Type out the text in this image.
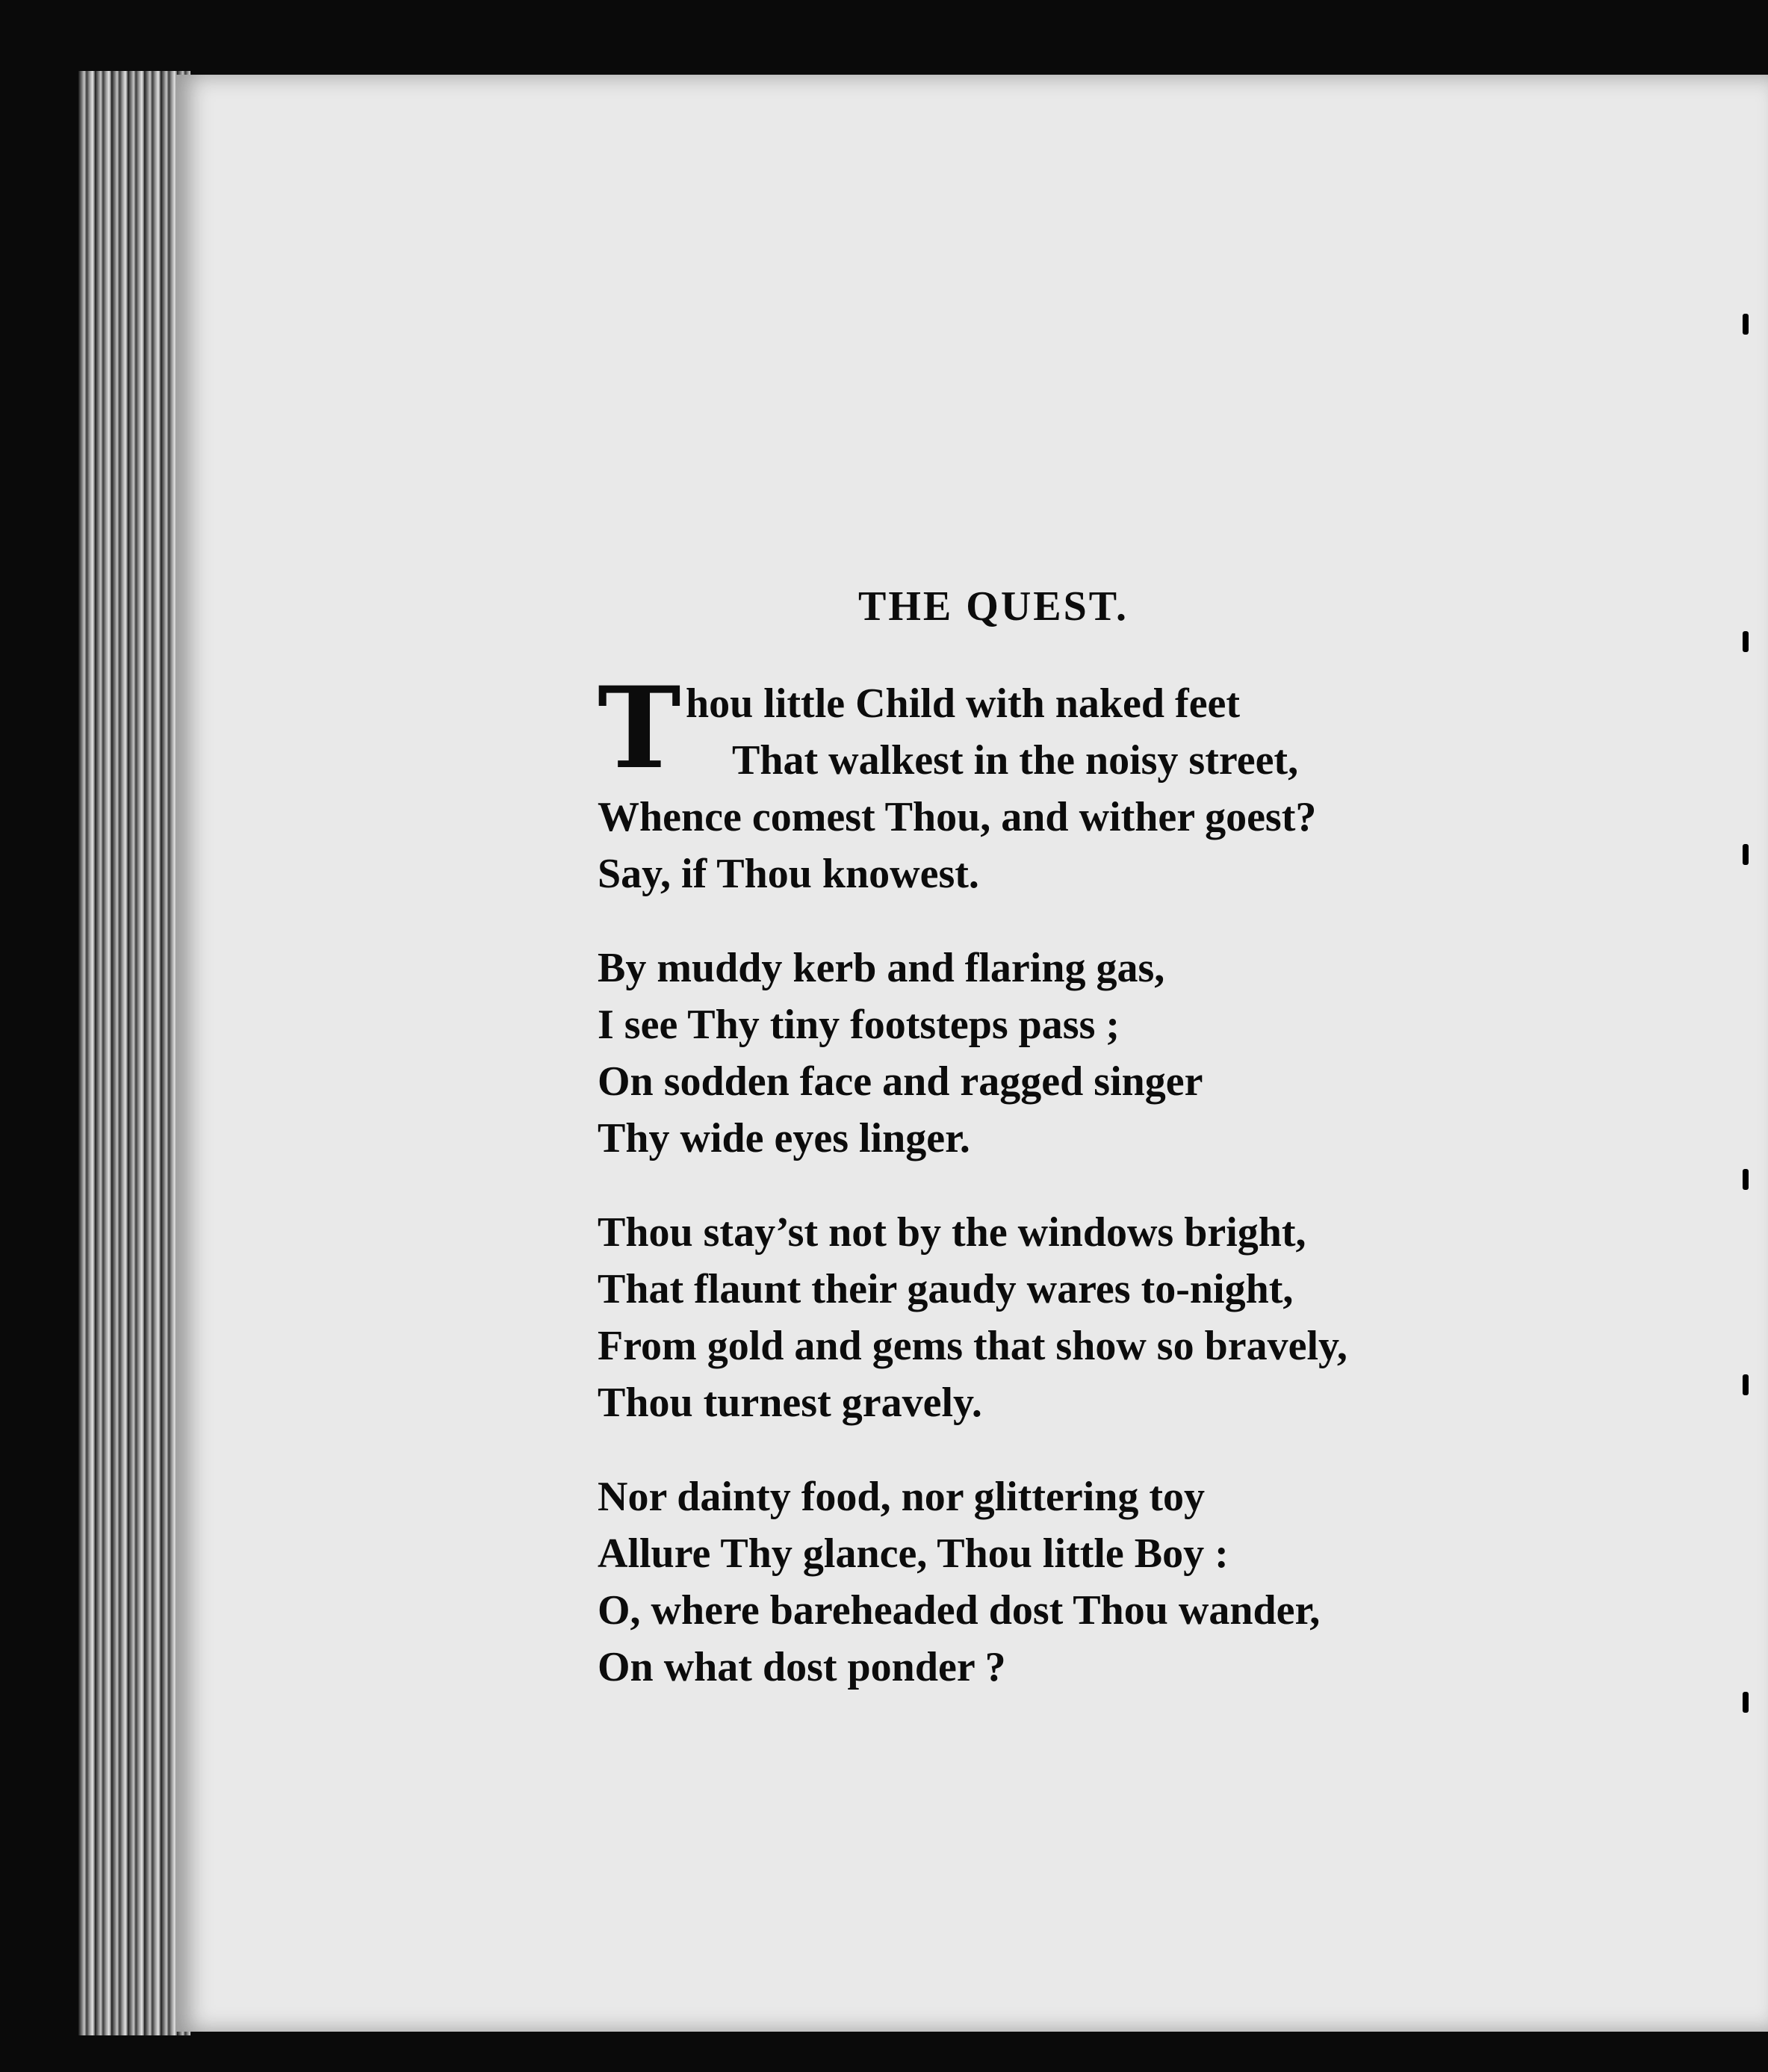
THE QUEST.
T hou little Child with naked feet
That walkest in the noisy street,
Whence comest Thou, and wither goest?
Say, if Thou knowest.
By muddy kerb and flaring gas,
I see Thy tiny footsteps pass ;
On sodden face and ragged singer
Thy wide eyes linger.
Thou stay’st not by the windows bright,
That flaunt their gaudy wares to-night,
From gold and gems that show so bravely,
Thou turnest gravely.
Nor dainty food, nor glittering toy
Allure Thy glance, Thou little Boy :
O, where bareheaded dost Thou wander,
On what dost ponder ?
